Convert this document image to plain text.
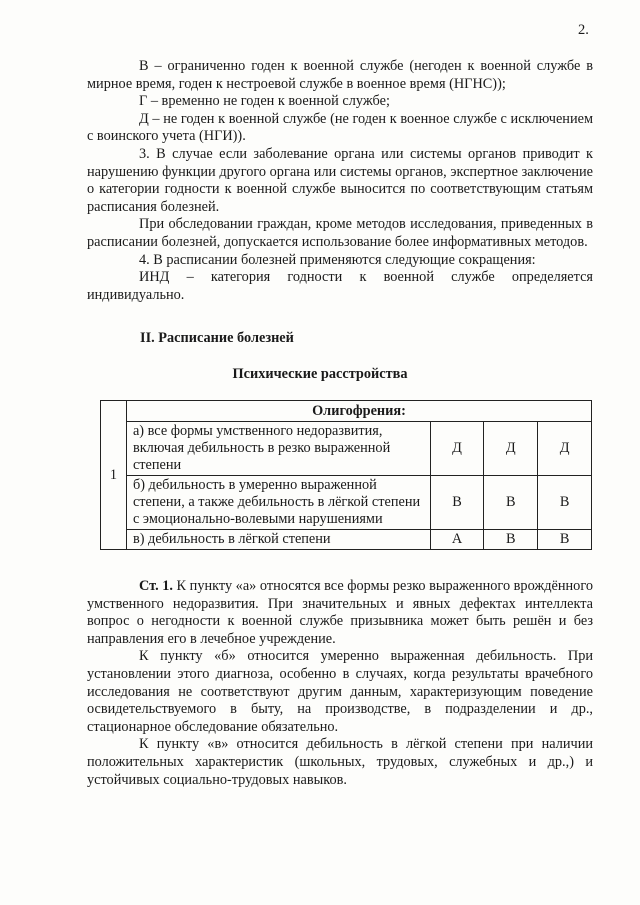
2.

В – ограниченно годен к военной службе (негоден к военной службе в мирное время, годен к нестроевой службе в военное время (НГНС));

Г – временно не годен к военной службе;

Д – не годен к военной службе (не годен к военное службе с исключением с воинского учета (НГИ)).

3. В случае если заболевание органа или системы органов приводит к нарушению функции другого органа или системы органов, экспертное заключение о категории годности к военной службе выносится по соответствующим статьям расписания болезней.

При обследовании граждан, кроме методов исследования, приведенных в расписании болезней, допускается использование более информативных методов.

4. В расписании болезней применяются следующие сокращения:

ИНД – категория годности к военной службе определяется индивидуально.

II. Расписание болезней
Психические расстройства
1	Олигофрения:			
	а) все формы умственного недоразвития, включая дебильность в резко выраженной степени	Д	Д	Д
	б) дебильность в умеренно выраженной степени, а также дебильность в лёгкой степени с эмоционально-волевыми нарушениями	В	В	В
	в) дебильность в лёгкой степени	А	В	В

Ст. 1. К пункту «а» относятся все формы резко выраженного врождённого умственного недоразвития. При значительных и явных дефектах интеллекта вопрос о негодности к военной службе призывника может быть решён и без направления его в лечебное учреждение.

К пункту «б» относится умеренно выраженная дебильность. При установлении этого диагноза, особенно в случаях, когда результаты врачебного исследования не соответствуют другим данным, характеризующим поведение освидетельствуемого в быту, на производстве, в подразделении и др., стационарное обследование обязательно.

К пункту «в» относится дебильность в лёгкой степени при наличии положительных характеристик (школьных, трудовых, служебных и др.,) и устойчивых социально-трудовых навыков.
